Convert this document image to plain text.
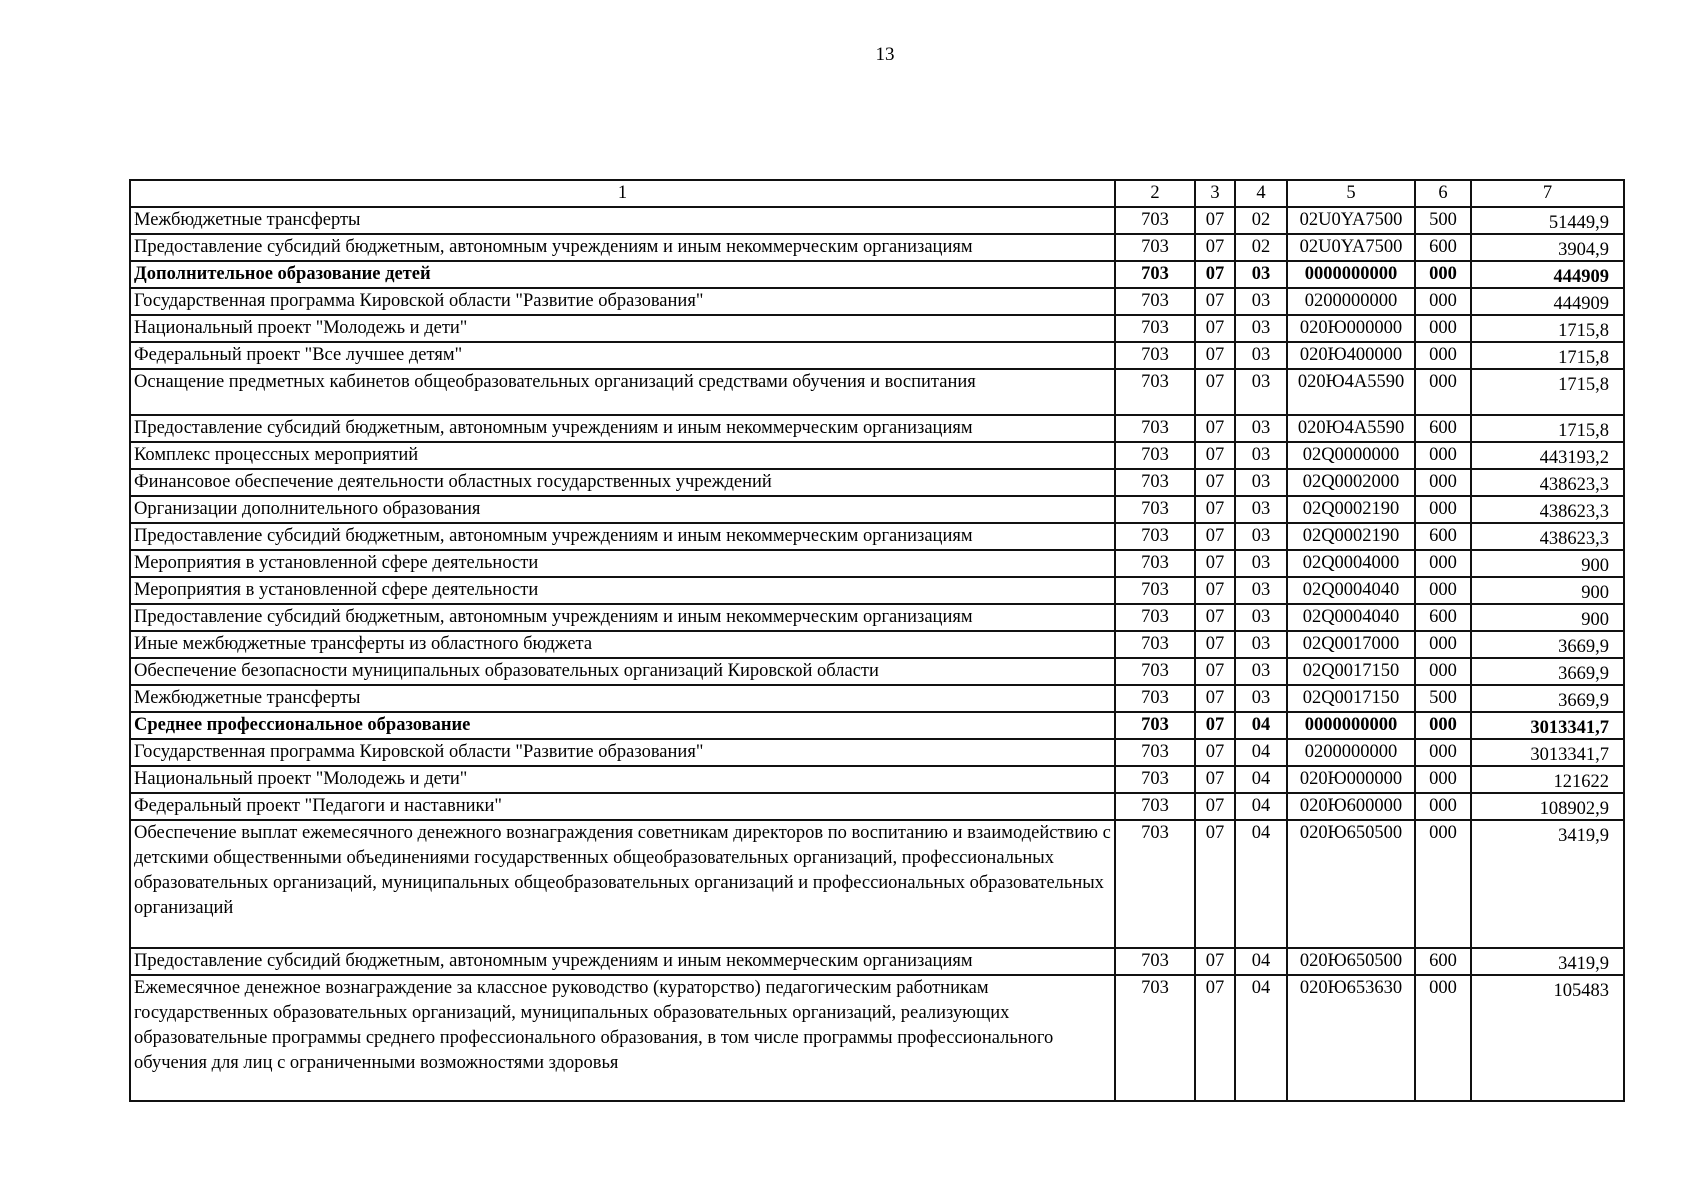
13
1	2	3	4	5	6	7
Межбюджетные трансферты	703	07	02	02U0YA7500	500	51449,9
Предоставление субсидий бюджетным, автономным учреждениям и иным некоммерческим организациям	703	07	02	02U0YA7500	600	3904,9
Дополнительное образование детей	703	07	03	0000000000	000	444909
Государственная программа Кировской области "Развитие образования"	703	07	03	0200000000	000	444909
Национальный проект "Молодежь и дети"	703	07	03	020Ю000000	000	1715,8
Федеральный проект "Все лучшее детям"	703	07	03	020Ю400000	000	1715,8
Оснащение предметных кабинетов общеобразовательных организаций средствами обучения и воспитания	703	07	03	020Ю4А5590	000	1715,8
Предоставление субсидий бюджетным, автономным учреждениям и иным некоммерческим организациям	703	07	03	020Ю4А5590	600	1715,8
Комплекс процессных мероприятий	703	07	03	02Q0000000	000	443193,2
Финансовое обеспечение деятельности областных государственных учреждений	703	07	03	02Q0002000	000	438623,3
Организации дополнительного образования	703	07	03	02Q0002190	000	438623,3
Предоставление субсидий бюджетным, автономным учреждениям и иным некоммерческим организациям	703	07	03	02Q0002190	600	438623,3
Мероприятия в установленной сфере деятельности	703	07	03	02Q0004000	000	900
Мероприятия в установленной сфере деятельности	703	07	03	02Q0004040	000	900
Предоставление субсидий бюджетным, автономным учреждениям и иным некоммерческим организациям	703	07	03	02Q0004040	600	900
Иные межбюджетные трансферты из областного бюджета	703	07	03	02Q0017000	000	3669,9
Обеспечение безопасности муниципальных образовательных организаций Кировской области	703	07	03	02Q0017150	000	3669,9
Межбюджетные трансферты	703	07	03	02Q0017150	500	3669,9
Среднее профессиональное образование	703	07	04	0000000000	000	3013341,7
Государственная программа Кировской области "Развитие образования"	703	07	04	0200000000	000	3013341,7
Национальный проект "Молодежь и дети"	703	07	04	020Ю000000	000	121622
Федеральный проект "Педагоги и наставники"	703	07	04	020Ю600000	000	108902,9
Обеспечение выплат ежемесячного денежного вознаграждения советникам директоров по воспитанию и взаимодействию с детскими общественными объединениями государственных общеобразовательных организаций, профессиональных образовательных организаций, муниципальных общеобразовательных организаций и профессиональных образовательных организаций	703	07	04	020Ю650500	000	3419,9
Предоставление субсидий бюджетным, автономным учреждениям и иным некоммерческим организациям	703	07	04	020Ю650500	600	3419,9
Ежемесячное денежное вознаграждение за классное руководство (кураторство) педагогическим работникам государственных образовательных организаций, муниципальных образовательных организаций, реализующих образовательные программы среднего профессионального образования, в том числе программы профессионального обучения для лиц с ограниченными возможностями здоровья	703	07	04	020Ю653630	000	105483
